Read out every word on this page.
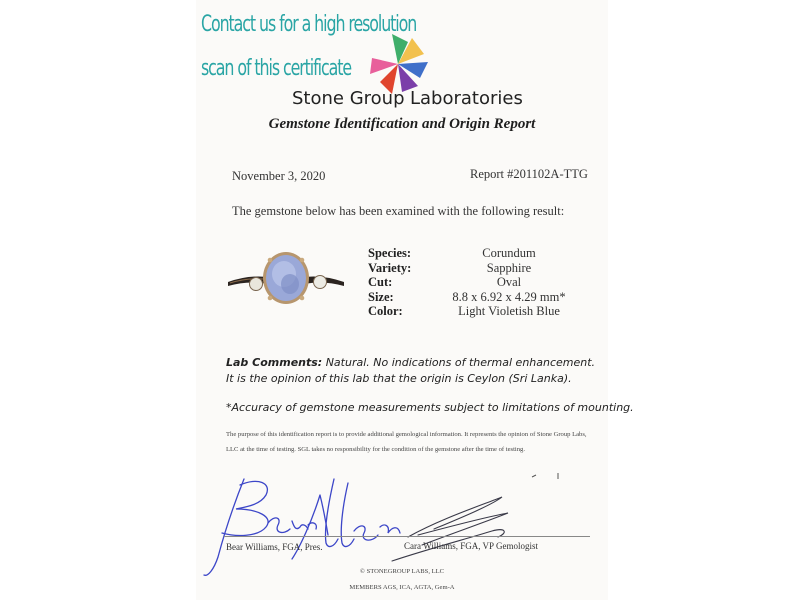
Contact us for a high resolution
scan of this certificate
Stone Group Laboratories
Gemstone Identification and Origin Report
November 3, 2020	Report #201102A-TTG
The gemstone below has been examined with the following result:
Species:	Corundum
Variety:	Sapphire
Cut:	Oval
Size:	8.8 x 6.92 x 4.29 mm*
Color:	Light Violetish Blue
Lab Comments: Natural. No indications of thermal enhancement. It is the opinion of this lab that the origin is Ceylon (Sri Lanka).
*Accuracy of gemstone measurements subject to limitations of mounting.
The purpose of this identification report is to provide additional gemological information. It represents the opinion of Stone Group Labs, LLC at the time of testing. SGL takes no responsibility for the condition of the gemstone after the time of testing.
Bear Williams, FGA, Pres.	Cara Williams, FGA, VP Gemologist
© STONEGROUP LABS, LLC
MEMBERS AGS, ICA, AGTA, Gem-A
